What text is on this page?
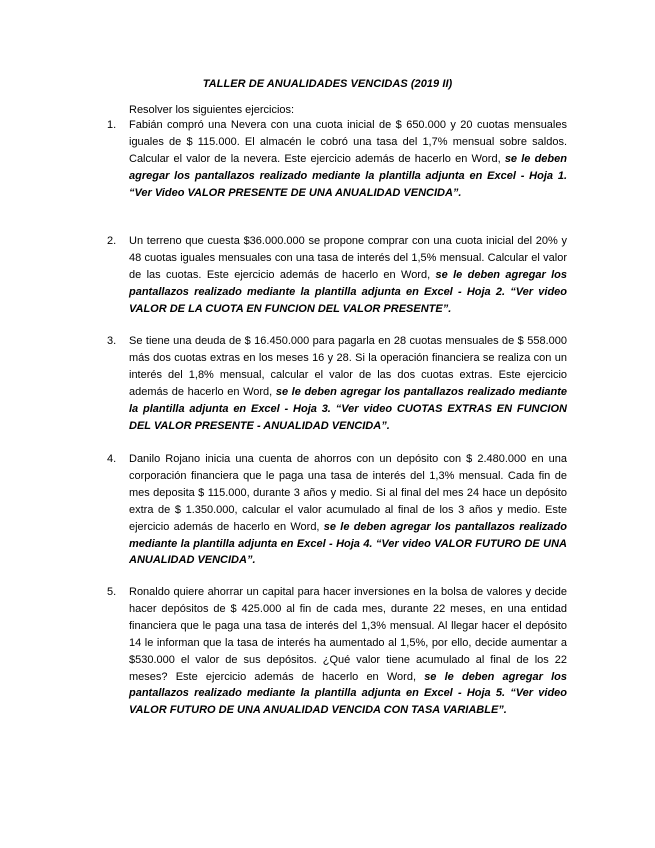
TALLER DE ANUALIDADES VENCIDAS (2019 II)
Resolver los siguientes ejercicios:
1. Fabián compró una Nevera con una cuota inicial de $ 650.000 y 20 cuotas mensuales iguales de $ 115.000. El almacén le cobró una tasa del 1,7% mensual sobre saldos. Calcular el valor de la nevera. Este ejercicio además de hacerlo en Word, se le deben agregar los pantallazos realizado mediante la plantilla adjunta en Excel - Hoja 1. “Ver Video VALOR PRESENTE DE UNA ANUALIDAD VENCIDA”.
2. Un terreno que cuesta $36.000.000 se propone comprar con una cuota inicial del 20% y 48 cuotas iguales mensuales con una tasa de interés del 1,5% mensual. Calcular el valor de las cuotas. Este ejercicio además de hacerlo en Word, se le deben agregar los pantallazos realizado mediante la plantilla adjunta en Excel - Hoja 2. “Ver video VALOR DE LA CUOTA EN FUNCION DEL VALOR PRESENTE”.
3. Se tiene una deuda de $ 16.450.000 para pagarla en 28 cuotas mensuales de $ 558.000 más dos cuotas extras en los meses 16 y 28. Si la operación financiera se realiza con un interés del 1,8% mensual, calcular el valor de las dos cuotas extras. Este ejercicio además de hacerlo en Word, se le deben agregar los pantallazos realizado mediante la plantilla adjunta en Excel - Hoja 3. “Ver video CUOTAS EXTRAS EN FUNCION DEL VALOR PRESENTE - ANUALIDAD VENCIDA”.
4. Danilo Rojano inicia una cuenta de ahorros con un depósito con $ 2.480.000 en una corporación financiera que le paga una tasa de interés del 1,3% mensual. Cada fin de mes deposita $ 115.000, durante 3 años y medio. Si al final del mes 24 hace un depósito extra de $ 1.350.000, calcular el valor acumulado al final de los 3 años y medio. Este ejercicio además de hacerlo en Word, se le deben agregar los pantallazos realizado mediante la plantilla adjunta en Excel - Hoja 4. “Ver video VALOR FUTURO DE UNA ANUALIDAD VENCIDA”.
5. Ronaldo quiere ahorrar un capital para hacer inversiones en la bolsa de valores y decide hacer depósitos de $ 425.000 al fin de cada mes, durante 22 meses, en una entidad financiera que le paga una tasa de interés del 1,3% mensual. Al llegar hacer el depósito 14 le informan que la tasa de interés ha aumentado al 1,5%, por ello, decide aumentar a $530.000 el valor de sus depósitos. ¿Qué valor tiene acumulado al final de los 22 meses? Este ejercicio además de hacerlo en Word, se le deben agregar los pantallazos realizado mediante la plantilla adjunta en Excel - Hoja 5. “Ver video VALOR FUTURO DE UNA ANUALIDAD VENCIDA CON TASA VARIABLE”.
